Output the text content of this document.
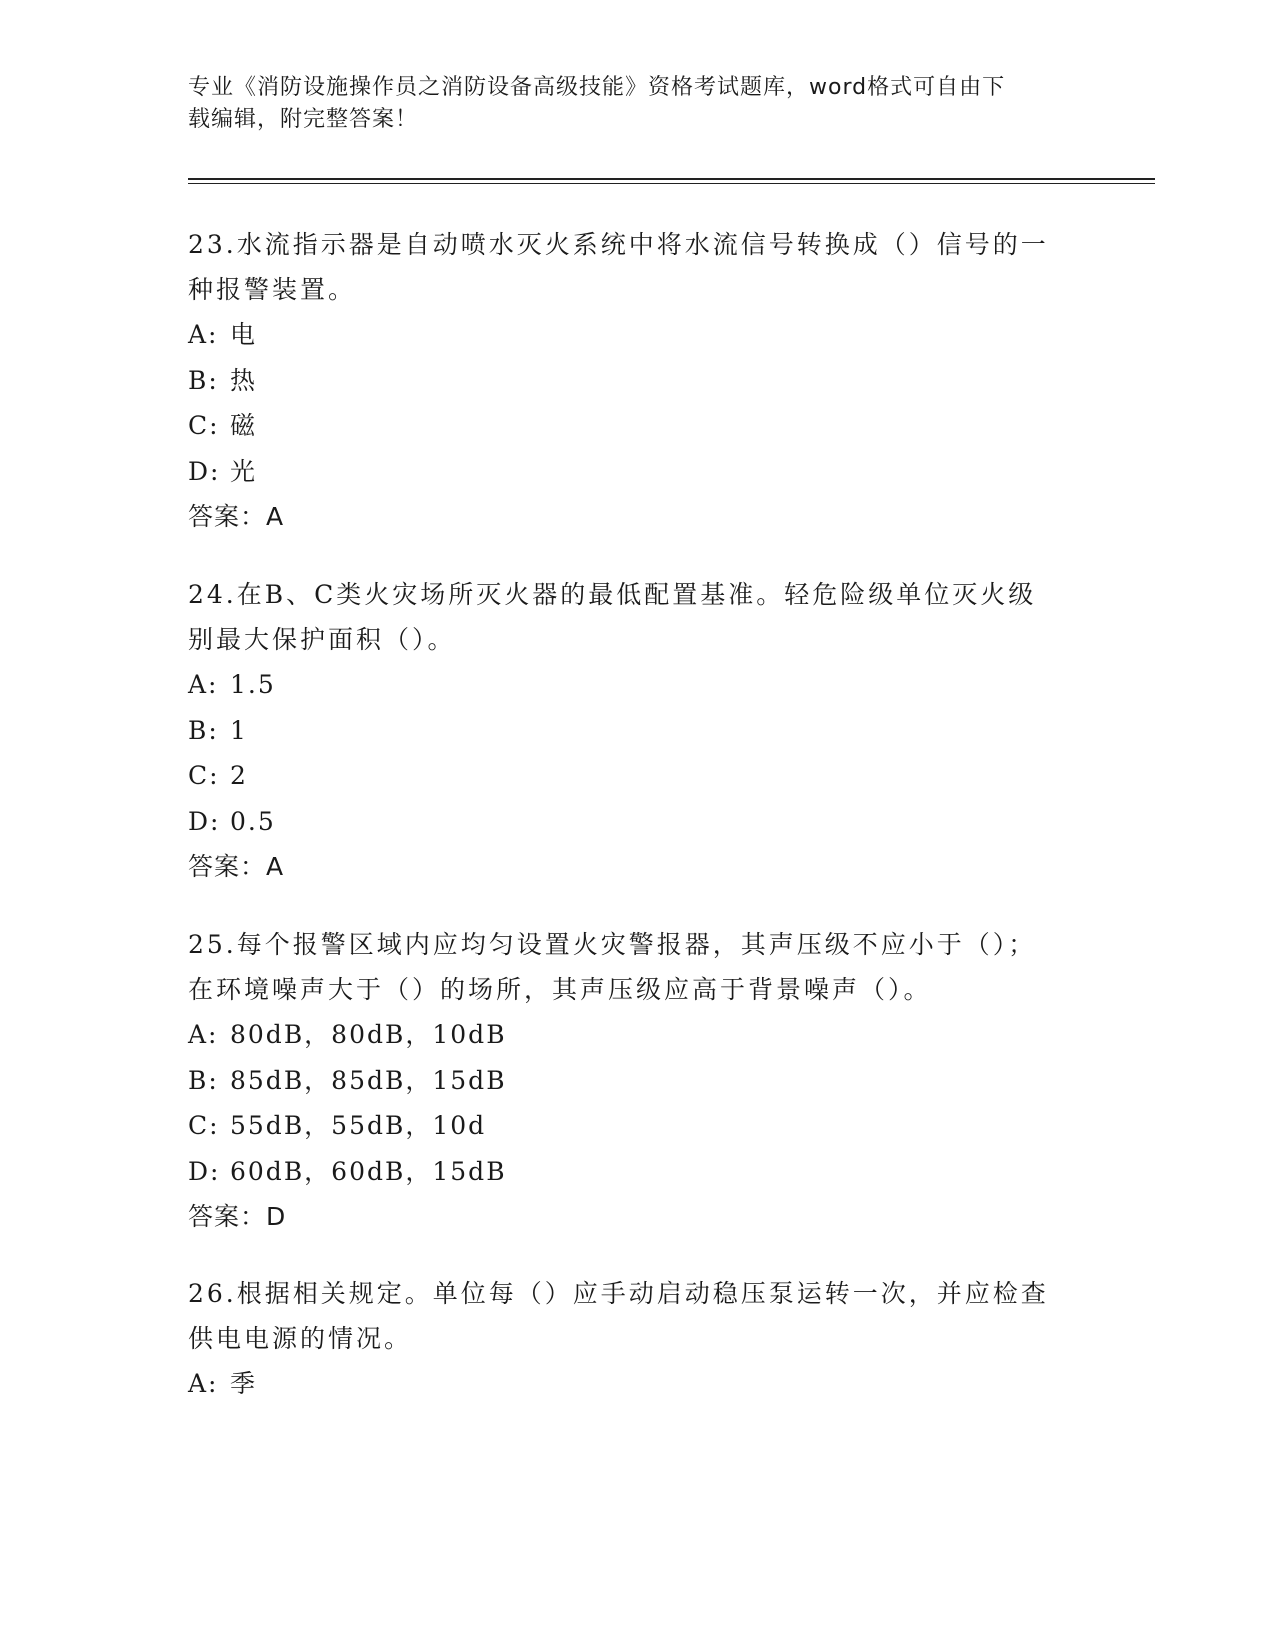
专业《消防设施操作员之消防设备高级技能》资格考试题库，word格式可自由下
载编辑，附完整答案！

23.水流指示器是自动喷水灭火系统中将水流信号转换成（）信号的一

种报警装置。

A: 电

B: 热

C: 磁

D: 光

答案：A

24.在B、C类火灾场所灭火器的最低配置基准。轻危险级单位灭火级

别最大保护面积（）。

A: 1.5

B: 1

C: 2

D: 0.5

答案：A

25.每个报警区域内应均匀设置火灾警报器，其声压级不应小于（）；

在环境噪声大于（）的场所，其声压级应高于背景噪声（）。

A: 80dB，80dB，10dB

B: 85dB，85dB，15dB

C: 55dB，55dB，10d

D: 60dB，60dB，15dB

答案：D

26.根据相关规定。单位每（）应手动启动稳压泵运转一次，并应检查

供电电源的情况。

A: 季
